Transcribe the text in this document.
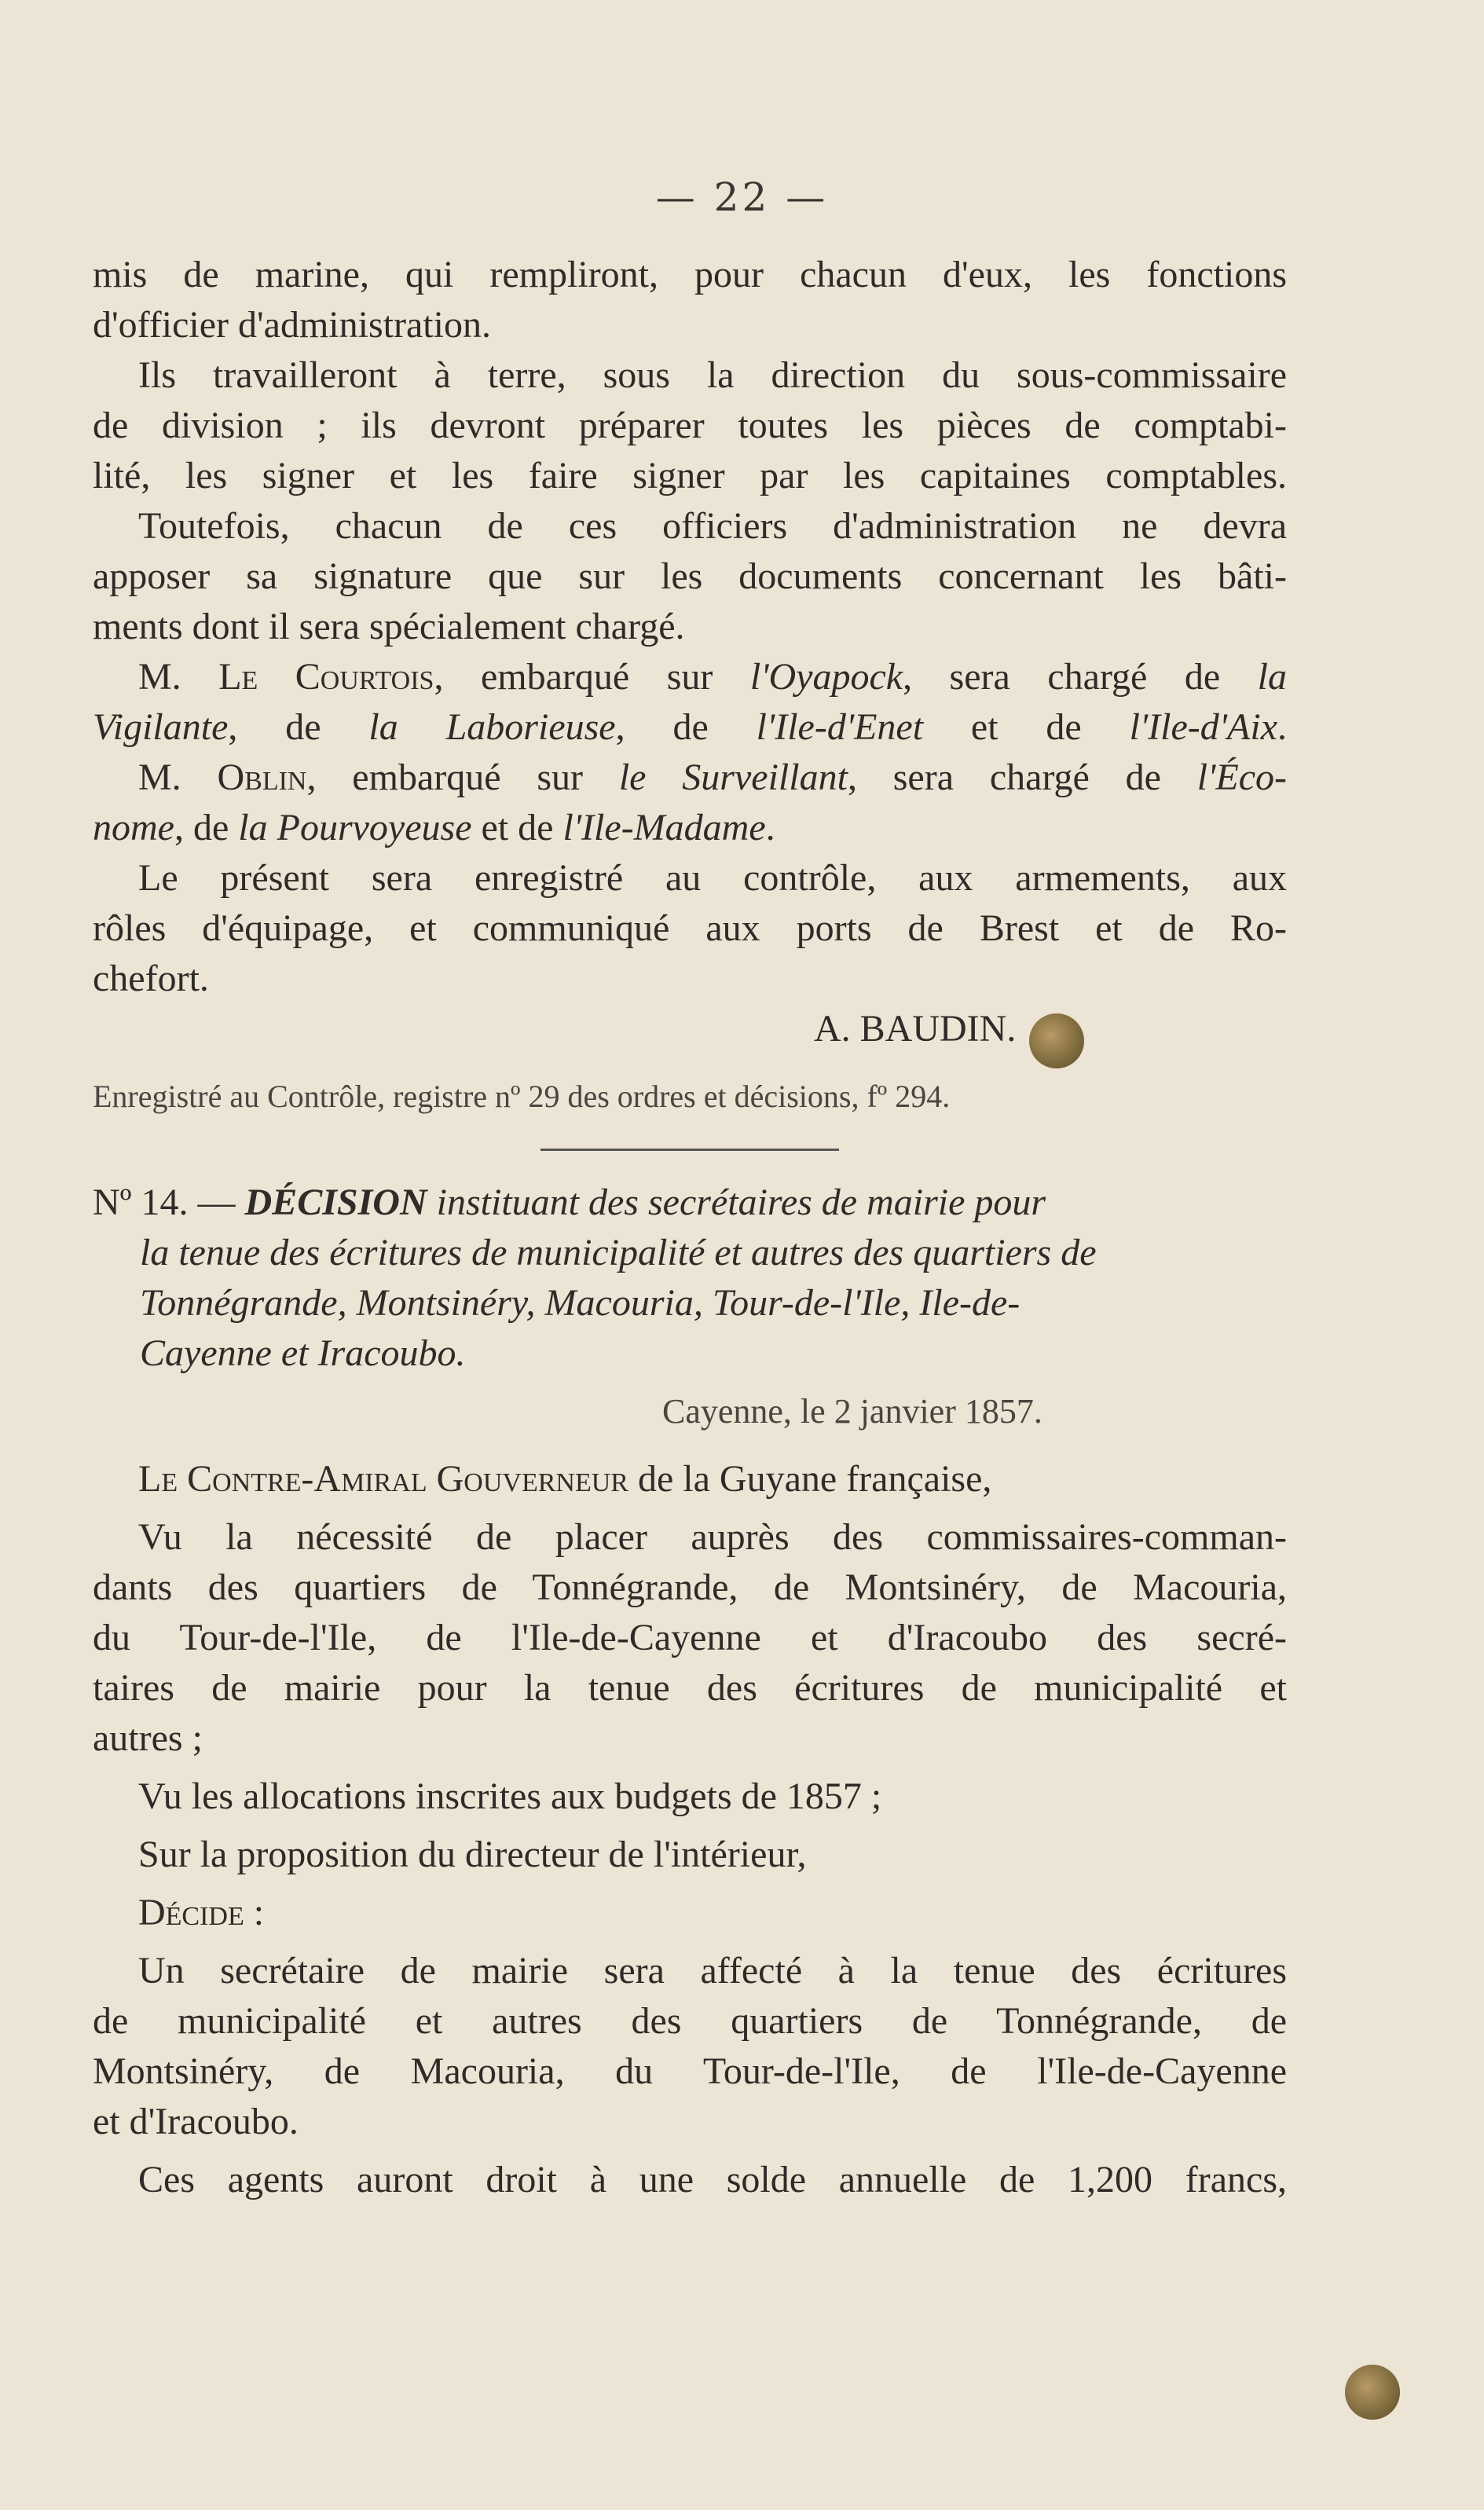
— 22 —
mis de marine, qui rempliront, pour chacun d'eux, les fonctions
d'officier d'administration.
Ils travailleront à terre, sous la direction du sous-commissaire
de division ; ils devront préparer toutes les pièces de comptabi-
lité, les signer et les faire signer par les capitaines comptables.
Toutefois, chacun de ces officiers d'administration ne devra
apposer sa signature que sur les documents concernant les bâti-
ments dont il sera spécialement chargé.
M. Le Courtois, embarqué sur l'Oyapock, sera chargé de la
Vigilante, de la Laborieuse, de l'Ile-d'Enet et de l'Ile-d'Aix.
M. Oblin, embarqué sur le Surveillant, sera chargé de l'Éco-
nome, de la Pourvoyeuse et de l'Ile-Madame.
Le présent sera enregistré au contrôle, aux armements, aux
rôles d'équipage, et communiqué aux ports de Brest et de Ro-
chefort.
A. BAUDIN.
Enregistré au Contrôle, registre nº 29 des ordres et décisions, fº 294.
Nº 14. — DÉCISION instituant des secrétaires de mairie pour
la tenue des écritures de municipalité et autres des quartiers de
Tonnégrande, Montsinéry, Macouria, Tour-de-l'Ile, Ile-de-
Cayenne et Iracoubo.
Cayenne, le 2 janvier 1857.
Le Contre-Amiral Gouverneur de la Guyane française,
Vu la nécessité de placer auprès des commissaires-comman-
dants des quartiers de Tonnégrande, de Montsinéry, de Macouria,
du Tour-de-l'Ile, de l'Ile-de-Cayenne et d'Iracoubo des secré-
taires de mairie pour la tenue des écritures de municipalité et
autres ;
Vu les allocations inscrites aux budgets de 1857 ;
Sur la proposition du directeur de l'intérieur,
Décide :
Un secrétaire de mairie sera affecté à la tenue des écritures
de municipalité et autres des quartiers de Tonnégrande, de
Montsinéry, de Macouria, du Tour-de-l'Ile, de l'Ile-de-Cayenne
et d'Iracoubo.
Ces agents auront droit à une solde annuelle de 1,200 francs,
